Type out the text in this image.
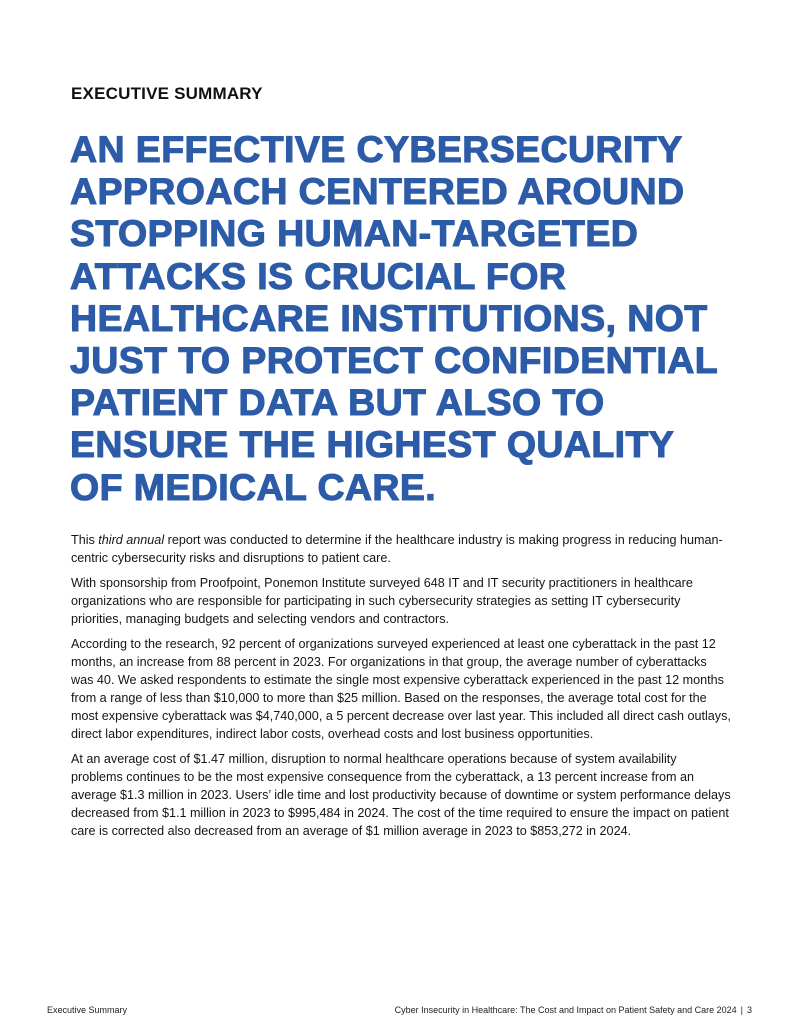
EXECUTIVE SUMMARY
AN EFFECTIVE CYBERSECURITY
APPROACH CENTERED AROUND
STOPPING HUMAN-TARGETED
ATTACKS IS CRUCIAL FOR
HEALTHCARE INSTITUTIONS, NOT
JUST TO PROTECT CONFIDENTIAL
PATIENT DATA BUT ALSO TO
ENSURE THE HIGHEST QUALITY
OF MEDICAL CARE.

This third annual report was conducted to determine if the healthcare industry is making progress in reducing human-centric cybersecurity risks and disruptions to patient care.

With sponsorship from Proofpoint, Ponemon Institute surveyed 648 IT and IT security practitioners in healthcare organizations who are responsible for participating in such cybersecurity strategies as setting IT cybersecurity priorities, managing budgets and selecting vendors and contractors.

According to the research, 92 percent of organizations surveyed experienced at least one cyberattack in the past 12 months, an increase from 88 percent in 2023. For organizations in that group, the average number of cyberattacks was 40. We asked respondents to estimate the single most expensive cyberattack experienced in the past 12 months from a range of less than $10,000 to more than $25 million. Based on the responses, the average total cost for the most expensive cyberattack was $4,740,000, a 5 percent decrease over last year. This included all direct cash outlays, direct labor expenditures, indirect labor costs, overhead costs and lost business opportunities.

At an average cost of $1.47 million, disruption to normal healthcare operations because of system availability problems continues to be the most expensive consequence from the cyberattack, a 13 percent increase from an average $1.3 million in 2023. Users’ idle time and lost productivity because of downtime or system performance delays decreased from $1.1 million in 2023 to $995,484 in 2024. The cost of the time required to ensure the impact on patient care is corrected also decreased from an average of $1 million average in 2023 to $853,272 in 2024.

Executive Summary	Cyber Insecurity in Healthcare: The Cost and Impact on Patient Safety and Care 2024 | 3
